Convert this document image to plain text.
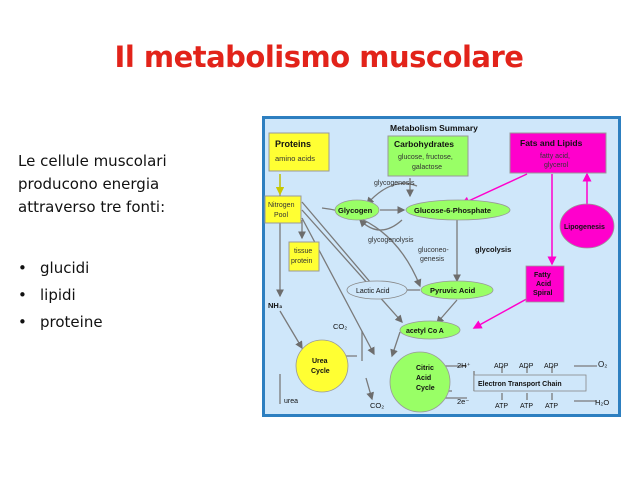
Il metabolismo muscolare
Le cellule muscolari
producono energia
attraverso tre fonti:
• glucidi
• lipidi
• proteine
Proteins
amino acids
Metabolism Summary
Carbohydrates
glucose, fructose,
galactose
Fats and Lipids
fatty acid,
glycerol
glycogenesis
Nitrogen
Pool
Glycogen	Glucose-6-Phosphate
Lipogenesis
glycogenolysis
gluconeo-
genesis
glycolysis
tissue
protein
Fatty
Acid
Spiral
NH₃
Lactic Acid	Pyruvic Acid
CO₂
acetyl Co A
Urea
Cycle	Citric
Acid
Cycle
2H⁺	ADP ADP ADP	O₂
Electron Transport Chain
urea	CO₂	2e⁻
ATP ATP ATP	H₂O
